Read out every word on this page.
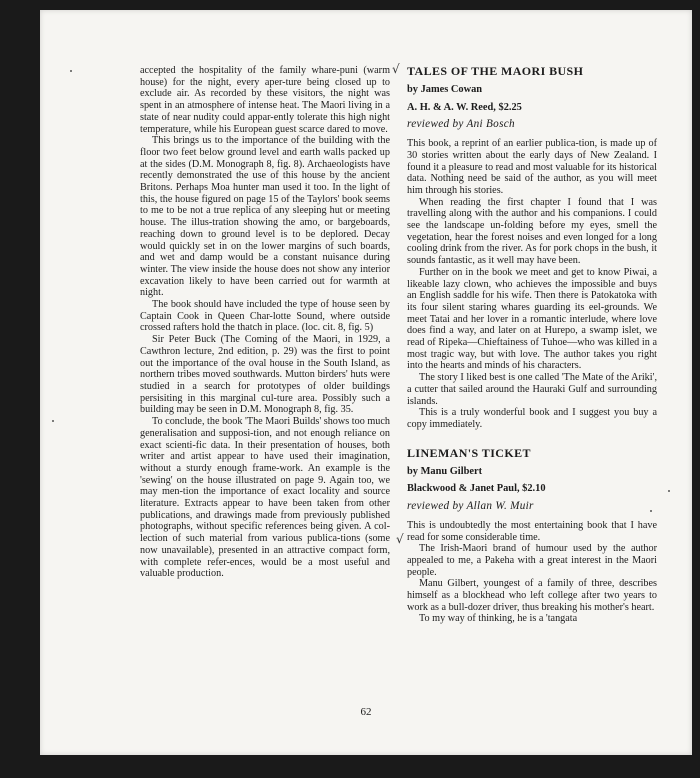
accepted the hospitality of the family whare-puni (warm house) for the night, every aper-ture being closed up to exclude air. As recorded by these visitors, the night was spent in an atmosphere of intense heat. The Maori living in a state of near nudity could appar-ently tolerate this high night temperature, while his European guest scarce dared to move.

This brings us to the importance of the building with the floor two feet below ground level and earth walls packed up at the sides (D.M. Monograph 8, fig. 8). Archaeologists have recently demonstrated the use of this house by the ancient Britons. Perhaps Moa hunter man used it too. In the light of this, the house figured on page 15 of the Taylors' book seems to me to be not a true replica of any sleeping hut or meeting house. The illus-tration showing the amo, or bargeboards, reaching down to ground level is to be deplored. Decay would quickly set in on the lower margins of such boards, and wet and damp would be a constant nuisance during winter. The view inside the house does not show any interior excavation likely to have been carried out for warmth at night.

The book should have included the type of house seen by Captain Cook in Queen Char-lotte Sound, where outside crossed rafters hold the thatch in place. (loc. cit. 8, fig. 5)

Sir Peter Buck (The Coming of the Maori, in 1929, a Cawthron lecture, 2nd edition, p. 29) was the first to point out the importance of the oval house in the South Island, as northern tribes moved southwards. Mutton birders' huts were studied in a search for prototypes of older buildings persisiting in this marginal cul-ture area. Possibly such a building may be seen in D.M. Monograph 8, fig. 35.

To conclude, the book 'The Maori Builds' shows too much generalisation and supposi-tion, and not enough reliance on exact scienti-fic data. In their presentation of houses, both writer and artist appear to have used their imagination, without a sturdy enough frame-work. An example is the 'sewing' on the house illustrated on page 9. Again too, we may men-tion the importance of exact locality and source literature. Extracts appear to have been taken from other publications, and drawings made from previously published photographs, without specific references being given. A col-lection of such material from various publica-tions (some now unavailable), presented in an attractive compact form, with complete refer-ences, would be a most useful and valuable production.

TALES OF THE MAORI BUSH
by James Cowan
A. H. & A. W. Reed, $2.25
reviewed by Ani Bosch

This book, a reprint of an earlier publica-tion, is made up of 30 stories written about the early days of New Zealand. I found it a pleasure to read and most valuable for its historical data. Nothing need be said of the author, as you will meet him through his stories.

When reading the first chapter I found that I was travelling along with the author and his companions. I could see the landscape un-folding before my eyes, smell the vegetation, hear the forest noises and even longed for a long cooling drink from the river. As for pork chops in the bush, it sounds fantastic, as it well may have been.

Further on in the book we meet and get to know Piwai, a likeable lazy clown, who achieves the impossible and buys an English saddle for his wife. Then there is Patokatoka with its four silent staring whares guarding its eel-grounds. We meet Tatai and her lover in a romantic interlude, where love does find a way, and later on at Hurepo, a swamp islet, we read of Ripeka—Chieftainess of Tuhoe—who was killed in a most tragic way, but with love. The author takes you right into the hearts and minds of his characters.

The story I liked best is one called 'The Mate of the Ariki', a cutter that sailed around the Hauraki Gulf and surrounding islands.

This is a truly wonderful book and I suggest you buy a copy immediately.

LINEMAN'S TICKET
by Manu Gilbert
Blackwood & Janet Paul, $2.10
reviewed by Allan W. Muir

This is undoubtedly the most entertaining book that I have read for some considerable time.

The Irish-Maori brand of humour used by the author appealed to me, a Pakeha with a great interest in the Maori people.

Manu Gilbert, youngest of a family of three, describes himself as a blockhead who left college after two years to work as a bull-dozer driver, thus breaking his mother's heart.

To my way of thinking, he is a 'tangata

√
√
62
